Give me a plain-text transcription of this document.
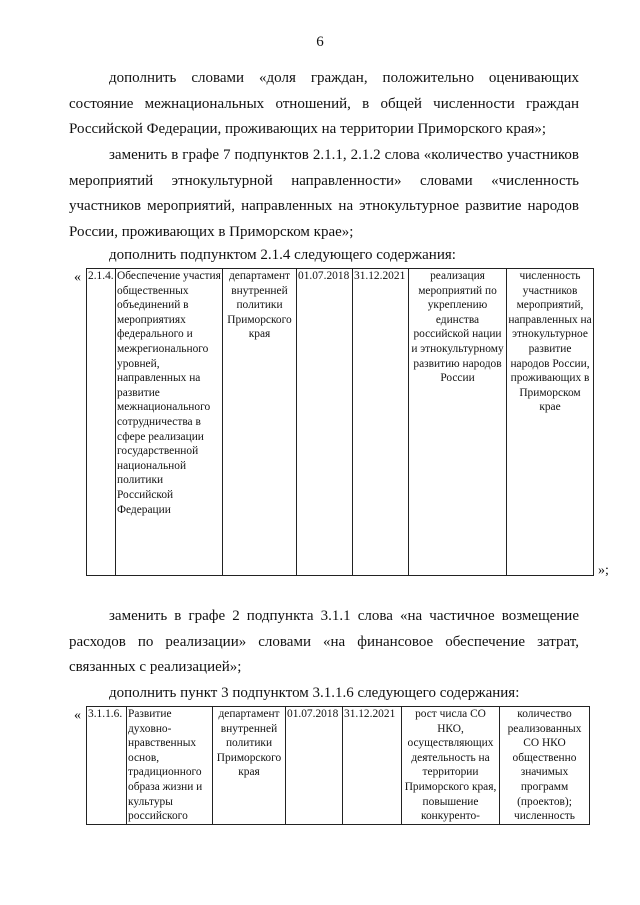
6

дополнить словами «доля граждан, положительно оценивающих состояние межнациональных отношений, в общей численности граждан Российской Федерации, проживающих на территории Приморского края»;

заменить в графе 7 подпунктов 2.1.1, 2.1.2 слова «количество участников мероприятий этнокультурной направленности» словами «численность участников мероприятий, направленных на этнокультурное развитие народов России, проживающих в Приморском крае»;

дополнить подпунктом 2.1.4 следующего содержания:

« 2.1.4.	Обеспечение участия общественных объединений в мероприятиях федерального и межрегионального уровней, направленных на развитие межнационального сотрудничества в сфере реализации государственной национальной политики Российской Федерации	департамент внутренней политики Приморского края	01.07.2018	31.12.2021	реализация мероприятий по укреплению единства российской нации и этнокультурному развитию народов России	численность участников мероприятий, направленных на этнокультурное развитие народов России, проживающих в Приморском крае
»;

заменить в графе 2 подпункта 3.1.1 слова «на частичное возмещение расходов по реализации» словами «на финансовое обеспечение затрат, связанных с реализацией»;

дополнить пункт 3 подпунктом 3.1.1.6 следующего содержания:

« 3.1.1.6.	Развитие духовно-нравственных основ, традиционного образа жизни и культуры российского	департамент внутренней политики Приморского края	01.07.2018	31.12.2021	рост числа СО НКО, осуществляющих деятельность на территории Приморского края, повышение конкуренто-	количество реализованных СО НКО общественно значимых программ (проектов); численность
